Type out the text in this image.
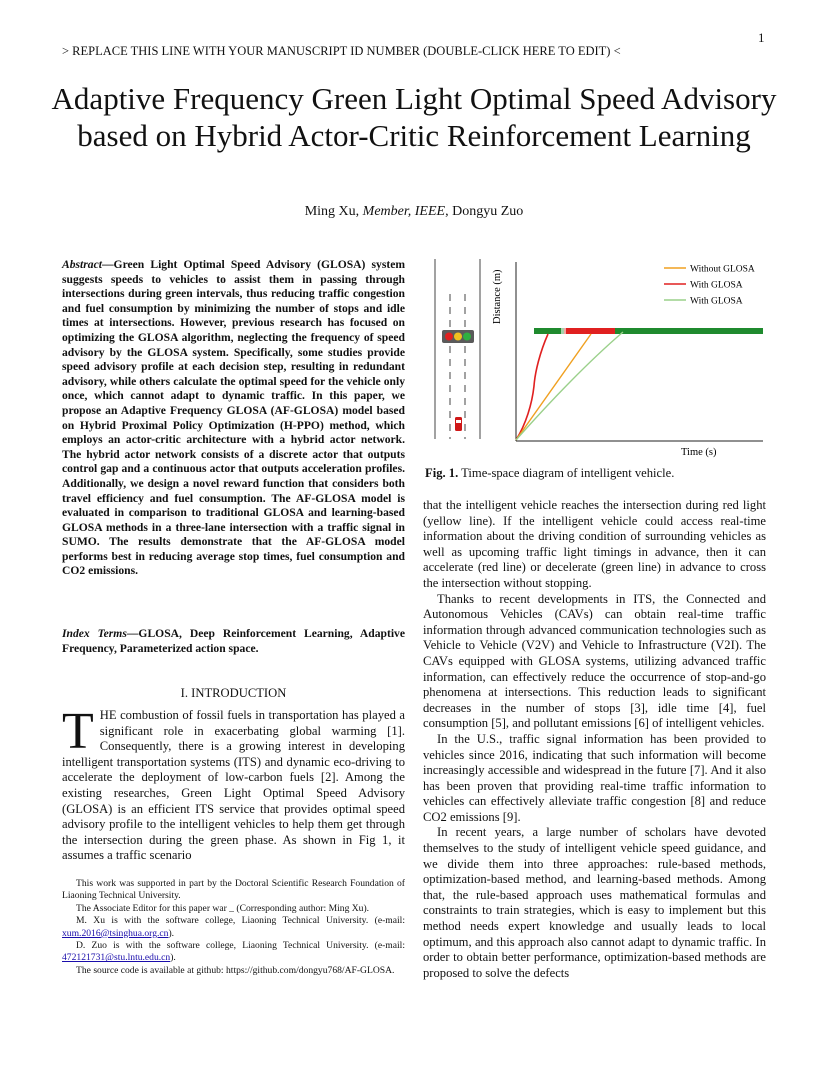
> REPLACE THIS LINE WITH YOUR MANUSCRIPT ID NUMBER (DOUBLE-CLICK HERE TO EDIT) <
1
Adaptive Frequency Green Light Optimal Speed Advisory based on Hybrid Actor-Critic Reinforcement Learning
Ming Xu, Member, IEEE, Dongyu Zuo
Abstract—Green Light Optimal Speed Advisory (GLOSA) system suggests speeds to vehicles to assist them in passing through intersections during green intervals, thus reducing traffic congestion and fuel consumption by minimizing the number of stops and idle times at intersections. However, previous research has focused on optimizing the GLOSA algorithm, neglecting the frequency of speed advisory by the GLOSA system. Specifically, some studies provide speed advisory profile at each decision step, resulting in redundant advisory, while others calculate the optimal speed for the vehicle only once, which cannot adapt to dynamic traffic. In this paper, we propose an Adaptive Frequency GLOSA (AF-GLOSA) model based on Hybrid Proximal Policy Optimization (H-PPO) method, which employs an actor-critic architecture with a hybrid actor network. The hybrid actor network consists of a discrete actor that outputs control gap and a continuous actor that outputs acceleration profiles. Additionally, we design a novel reward function that considers both travel efficiency and fuel consumption. The AF-GLOSA model is evaluated in comparison to traditional GLOSA and learning-based GLOSA methods in a three-lane intersection with a traffic signal in SUMO. The results demonstrate that the AF-GLOSA model performs best in reducing average stop times, fuel consumption and CO2 emissions.
Index Terms—GLOSA, Deep Reinforcement Learning, Adaptive Frequency, Parameterized action space.
I. INTRODUCTION
THE combustion of fossil fuels in transportation has played a significant role in exacerbating global warming [1]. Consequently, there is a growing interest in developing intelligent transportation systems (ITS) and dynamic eco-driving to accelerate the deployment of low-carbon fuels [2]. Among the existing researches, Green Light Optimal Speed Advisory (GLOSA) is an efficient ITS service that provides optimal speed advisory profile to the intelligent vehicles to help them get through the intersection during the green phase. As shown in Fig 1, it assumes a traffic scenario

This work was supported in part by the Doctoral Scientific Research Foundation of Liaoning Technical University.

The Associate Editor for this paper war _ (Corresponding author: Ming Xu).

M. Xu is with the software college, Liaoning Technical University. (e-mail: xum.2016@tsinghua.org.cn).

D. Zuo is with the software college, Liaoning Technical University. (e-mail: 472121731@stu.lntu.edu.cn).

The source code is available at github: https://github.com/dongyu768/AF-GLOSA.

Distance (m)
Time (s)
Without GLOSA
With GLOSA
With GLOSA
Fig. 1. Time-space diagram of intelligent vehicle.

that the intelligent vehicle reaches the intersection during red light (yellow line). If the intelligent vehicle could access real-time information about the driving condition of surrounding vehicles as well as upcoming traffic light timings in advance, then it can accelerate (red line) or decelerate (green line) in advance to cross the intersection without stopping.

Thanks to recent developments in ITS, the Connected and Autonomous Vehicles (CAVs) can obtain real-time traffic information through advanced communication technologies such as Vehicle to Vehicle (V2V) and Vehicle to Infrastructure (V2I). The CAVs equipped with GLOSA systems, utilizing advanced traffic information, can effectively reduce the occurrence of stop-and-go phenomena at intersections. This reduction leads to significant decreases in the number of stops [3], idle time [4], fuel consumption [5], and pollutant emissions [6] of intelligent vehicles.

In the U.S., traffic signal information has been provided to vehicles since 2016, indicating that such information will become increasingly accessible and widespread in the future [7]. And it also has been proven that providing real-time traffic information to vehicles can effectively alleviate traffic congestion [8] and reduce CO2 emissions [9].

In recent years, a large number of scholars have devoted themselves to the study of intelligent vehicle speed guidance, and we divide them into three approaches: rule-based methods, optimization-based method, and learning-based methods. Among that, the rule-based approach uses mathematical formulas and constraints to train strategies, which is easy to implement but this method needs expert knowledge and usually leads to local optimum, and this approach also cannot adapt to dynamic traffic. In order to obtain better performance, optimization-based methods are proposed to solve the defects
